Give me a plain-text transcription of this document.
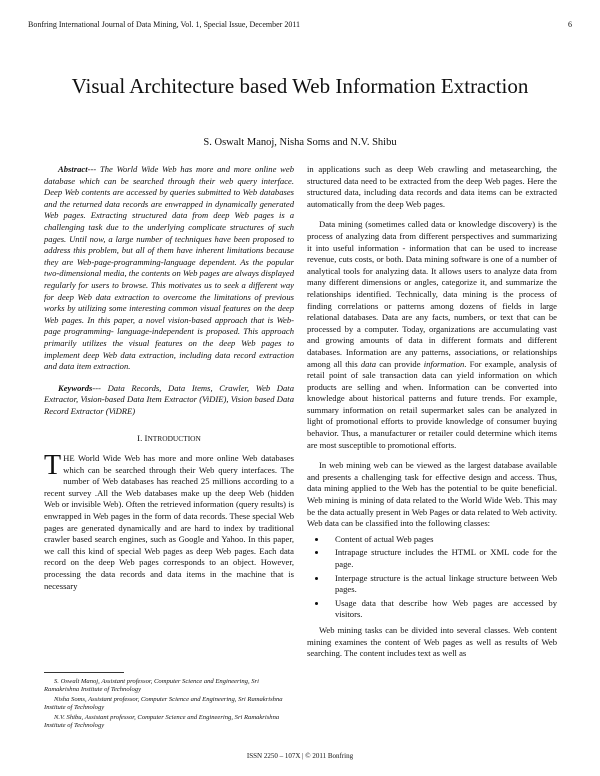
Bonfring International Journal of Data Mining, Vol. 1, Special Issue, December 2011	6
Visual Architecture based Web Information Extraction
S. Oswalt Manoj, Nisha Soms and N.V. Shibu

Abstract--- The World Wide Web has more and more online web database which can be searched through their web query interface. Deep Web contents are accessed by queries submitted to Web databases and the returned data records are enwrapped in dynamically generated Web pages. Extracting structured data from deep Web pages is a challenging task due to the underlying complicate structures of such pages. Until now, a large number of techniques have been proposed to address this problem, but all of them have inherent limitations because they are Web-page-programming-language dependent. As the popular two-dimensional media, the contents on Web pages are always displayed regularly for users to browse. This motivates us to seek a different way for deep Web data extraction to overcome the limitations of previous works by utilizing some interesting common visual features on the deep Web pages. In this paper, a novel vision-based approach that is Web-page programming- language-independent is proposed. This approach primarily utilizes the visual features on the deep Web pages to implement deep Web data extraction, including data record extraction and data item extraction.

Keywords--- Data Records, Data Items, Crawler, Web Data Extractor, Vision-based Data Item Extractor (ViDIE), Vision based Data Record Extractor (ViDRE)

I. INTRODUCTION

THE World Wide Web has more and more online Web databases which can be searched through their Web query interfaces. The number of Web databases has reached 25 millions according to a recent survey .All the Web databases make up the deep Web (hidden Web or invisible Web). Often the retrieved information (query results) is enwrapped in Web pages in the form of data records. These special Web pages are generated dynamically and are hard to index by traditional crawler based search engines, such as Google and Yahoo. In this paper, we call this kind of special Web pages as deep Web pages. Each data record on the deep Web pages corresponds to an object. However, processing the data records and data items in the machine that is necessary

S. Oswalt Manoj, Assistant professor, Computer Science and Engineering, Sri Ramakrishna Institute of Technology

Nisha Soms, Assistant professor, Computer Science and Engineering, Sri Ramakrishna Institute of Technology

N.V. Shibu, Assistant professor, Computer Science and Engineering, Sri Ramakrishna Institute of Technology

in applications such as deep Web crawling and metasearching, the structured data need to be extracted from the deep Web pages. Here the structured data, including data records and data items can be extracted automatically from the deep Web pages.

Data mining (sometimes called data or knowledge discovery) is the process of analyzing data from different perspectives and summarizing it into useful information - information that can be used to increase revenue, cuts costs, or both. Data mining software is one of a number of analytical tools for analyzing data. It allows users to analyze data from many different dimensions or angles, categorize it, and summarize the relationships identified. Technically, data mining is the process of finding correlations or patterns among dozens of fields in large relational databases. Data are any facts, numbers, or text that can be processed by a computer. Today, organizations are accumulating vast and growing amounts of data in different formats and different databases. Information are any patterns, associations, or relationships among all this data can provide information. For example, analysis of retail point of sale transaction data can yield information on which products are selling and when. Information can be converted into knowledge about historical patterns and future trends. For example, summary information on retail supermarket sales can be analyzed in light of promotional efforts to provide knowledge of consumer buying behavior. Thus, a manufacturer or retailer could determine which items are most susceptible to promotional efforts.

In web mining web can be viewed as the largest database available and presents a challenging task for effective design and access. Thus, data mining applied to the Web has the potential to be quite beneficial. Web mining is mining of data related to the World Wide Web. This may be the data actually present in Web Pages or data related to Web activity. Web data can be classified into the following classes:

• Content of actual Web pages
• Intrapage structure includes the HTML or XML code for the page.
• Interpage structure is the actual linkage structure between Web pages.
• Usage data that describe how Web pages are accessed by visitors.

Web mining tasks can be divided into several classes. Web content mining examines the content of Web pages as well as results of Web searching. The content includes text as well as

ISSN 2250 – 107X | © 2011 Bonfring
